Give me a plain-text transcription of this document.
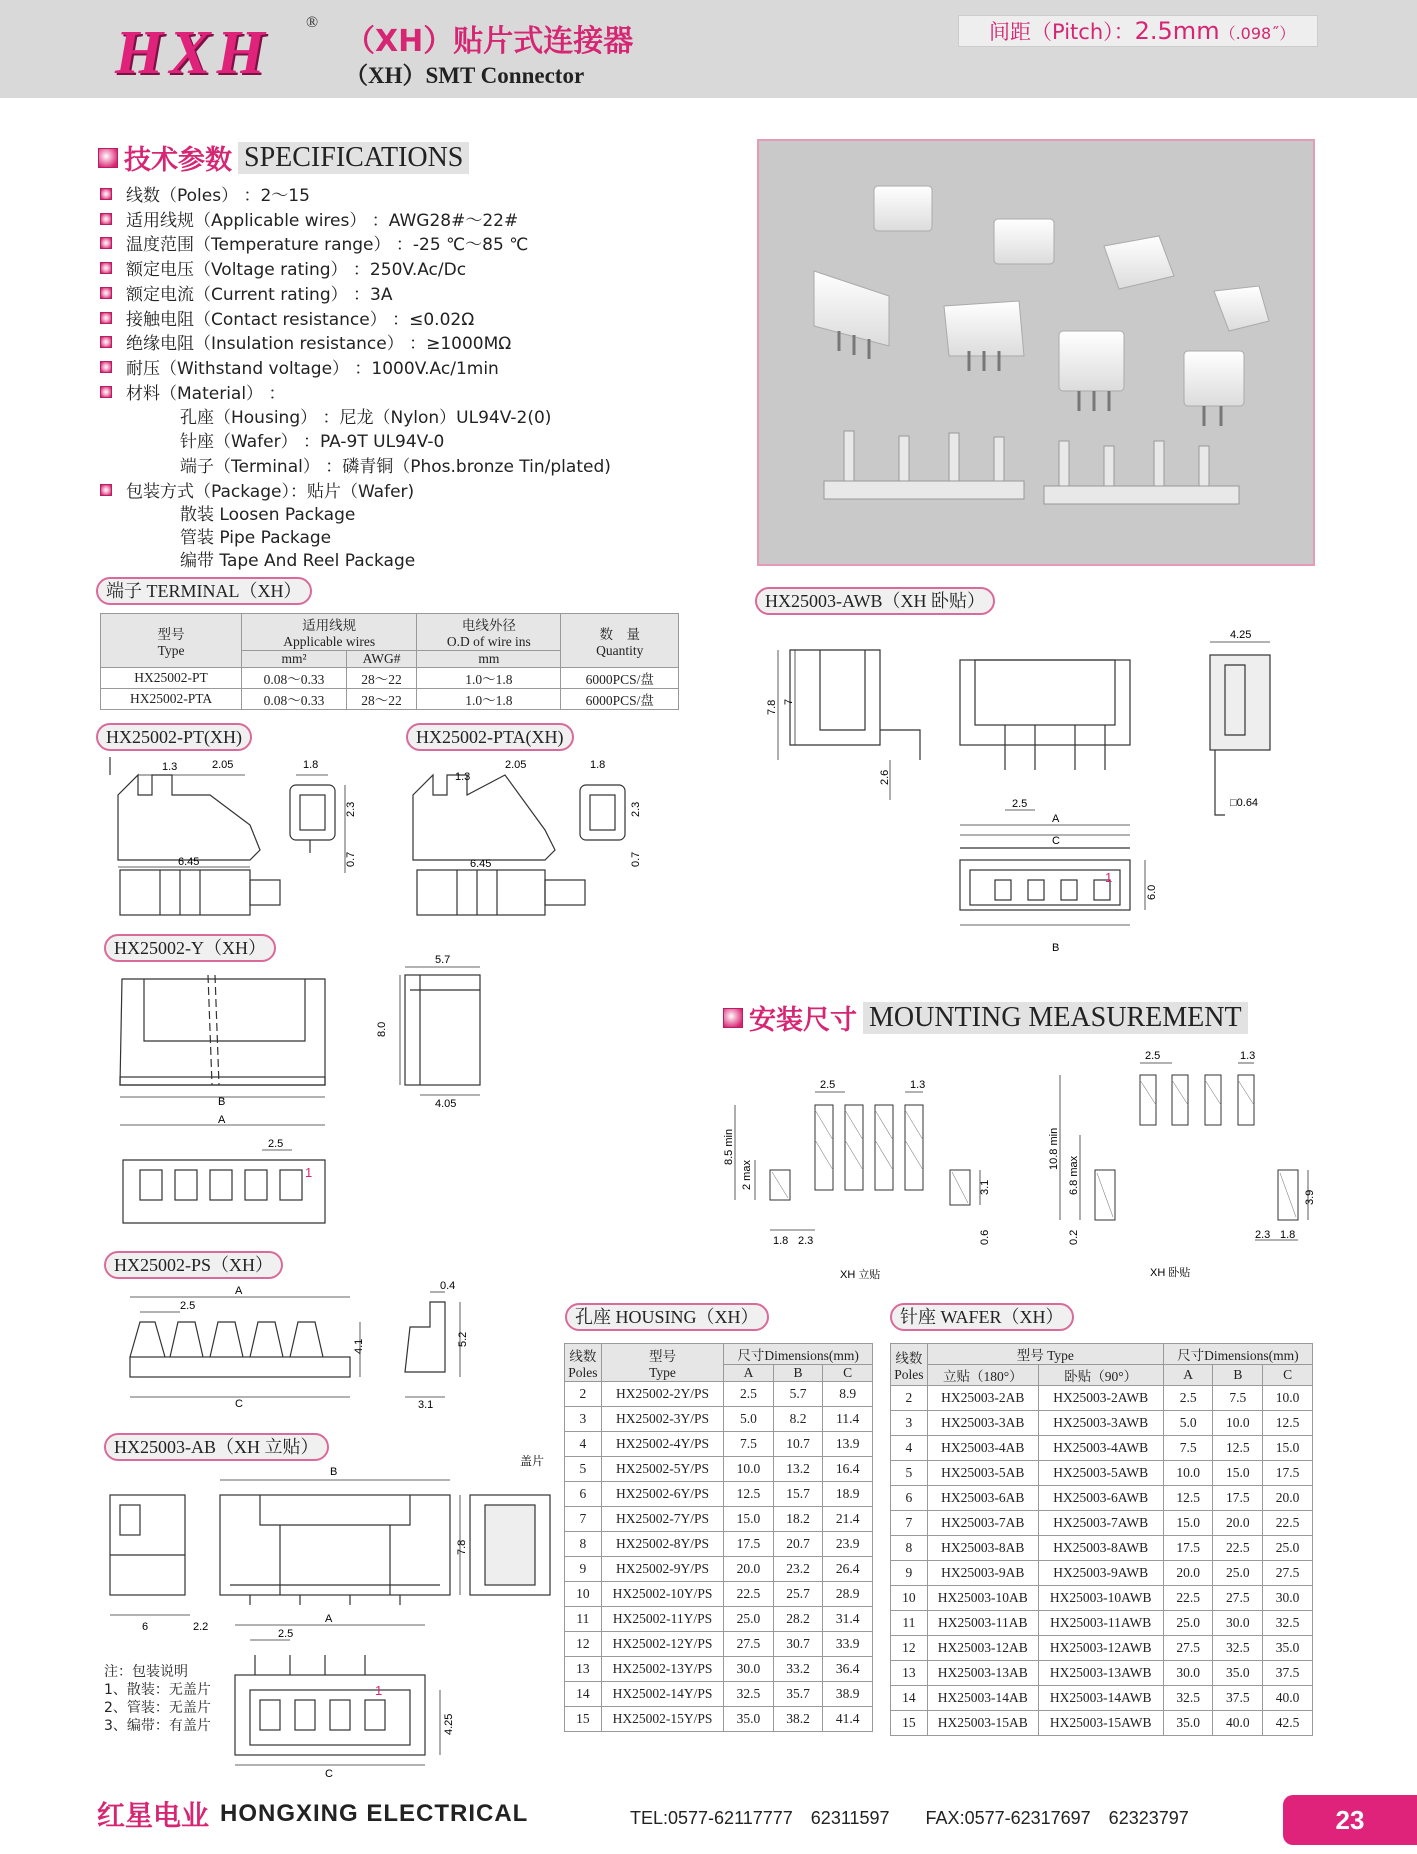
HXH ®
（XH）贴片式连接器
（XH）SMT Connector
间距（Pitch）：2.5mm（.098˝）
技术参数 SPECIFICATIONS
线数（Poles） ：2～15
适用线规（Applicable wires） ：AWG28#～22#
温度范围（Temperature range） ：-25 ℃～85 ℃
额定电压（Voltage rating） ：250V.Ac/Dc
额定电流（Current rating） ：3A
接触电阻（Contact resistance） ：≤0.02Ω
绝缘电阻（Insulation resistance） ：≥1000MΩ
耐压（Withstand voltage） ：1000V.Ac/1min
材料（Material） ：
孔座（Housing） ：尼龙（Nylon）UL94V-2(0)
针座（Wafer） ：PA-9T UL94V-0
端子（Terminal） ：磷青铜（Phos.bronze Tin/plated)
包装方式（Package）：贴片（Wafer)
散装 Loosen Package
管装 Pipe Package
编带 Tape And Reel Package
端子 TERMINAL（XH）
型号
Type	适用线规
Applicable wires		电线外径
O.D of wire ins	数　量
Quantity
	mm²	AWG#	mm	
HX25002-PT	0.08～0.33	28～22	1.0～1.8	6000PCS/盘
HX25002-PTA	0.08～0.33	28～22	1.0～1.8	6000PCS/盘
HX25002-PT(XH)	HX25002-PTA(XH)
1.3	2.05	1.8
6.45
2.3
0.7
1.3
2.05	1.8
6.45
2.3
0.7
HX25002-Y（XH）
B
A
2.5
1
5.7
8.0
4.05
HX25002-PS（XH）
A
2.5
C
0.4
4.1	5.2
3.1
HX25003-AB（XH 立贴）
B
7.8
盖片
6	2.2
A
2.5
1
C
4.25
注：包装说明
1、散装：无盖片
2、管装：无盖片
3、编带：有盖片
HX25003-AWB（XH 卧贴）
7.8 7
2.6
2.5
A
C
4.25
□0.64
1
6.0
B
安装尺寸 MOUNTING MEASUREMENT
8.5 min
2 max
2.5	1.3
1.8 2.3
3.1
0.6
XH 立贴
10.8 min
6.8 max
0.2
2.5	1.3
2.3 1.8
3.9
XH 卧贴
孔座 HOUSING（XH）
线数
Poles	型号
Type	尺寸Dimensions(mm)		
		A	B	C
2	HX25002-2Y/PS	2.5	5.7	8.9
3	HX25002-3Y/PS	5.0	8.2	11.4
4	HX25002-4Y/PS	7.5	10.7	13.9
5	HX25002-5Y/PS	10.0	13.2	16.4
6	HX25002-6Y/PS	12.5	15.7	18.9
7	HX25002-7Y/PS	15.0	18.2	21.4
8	HX25002-8Y/PS	17.5	20.7	23.9
9	HX25002-9Y/PS	20.0	23.2	26.4
10	HX25002-10Y/PS	22.5	25.7	28.9
11	HX25002-11Y/PS	25.0	28.2	31.4
12	HX25002-12Y/PS	27.5	30.7	33.9
13	HX25002-13Y/PS	30.0	33.2	36.4
14	HX25002-14Y/PS	32.5	35.7	38.9
15	HX25002-15Y/PS	35.0	38.2	41.4
针座 WAFER（XH）
线数
Poles	型号 Type		尺寸Dimensions(mm)		
	立贴（180°）	卧贴（90°）	A	B	C
2	HX25003-2AB	HX25003-2AWB	2.5	7.5	10.0
3	HX25003-3AB	HX25003-3AWB	5.0	10.0	12.5
4	HX25003-4AB	HX25003-4AWB	7.5	12.5	15.0
5	HX25003-5AB	HX25003-5AWB	10.0	15.0	17.5
6	HX25003-6AB	HX25003-6AWB	12.5	17.5	20.0
7	HX25003-7AB	HX25003-7AWB	15.0	20.0	22.5
8	HX25003-8AB	HX25003-8AWB	17.5	22.5	25.0
9	HX25003-9AB	HX25003-9AWB	20.0	25.0	27.5
10	HX25003-10AB	HX25003-10AWB	22.5	27.5	30.0
11	HX25003-11AB	HX25003-11AWB	25.0	30.0	32.5
12	HX25003-12AB	HX25003-12AWB	27.5	32.5	35.0
13	HX25003-13AB	HX25003-13AWB	30.0	35.0	37.5
14	HX25003-14AB	HX25003-14AWB	32.5	37.5	40.0
15	HX25003-15AB	HX25003-15AWB	35.0	40.0	42.5
红星电业 HONGXING ELECTRICAL	TEL:0577-62117777　62311597　　FAX:0577-62317697　62323797	23
